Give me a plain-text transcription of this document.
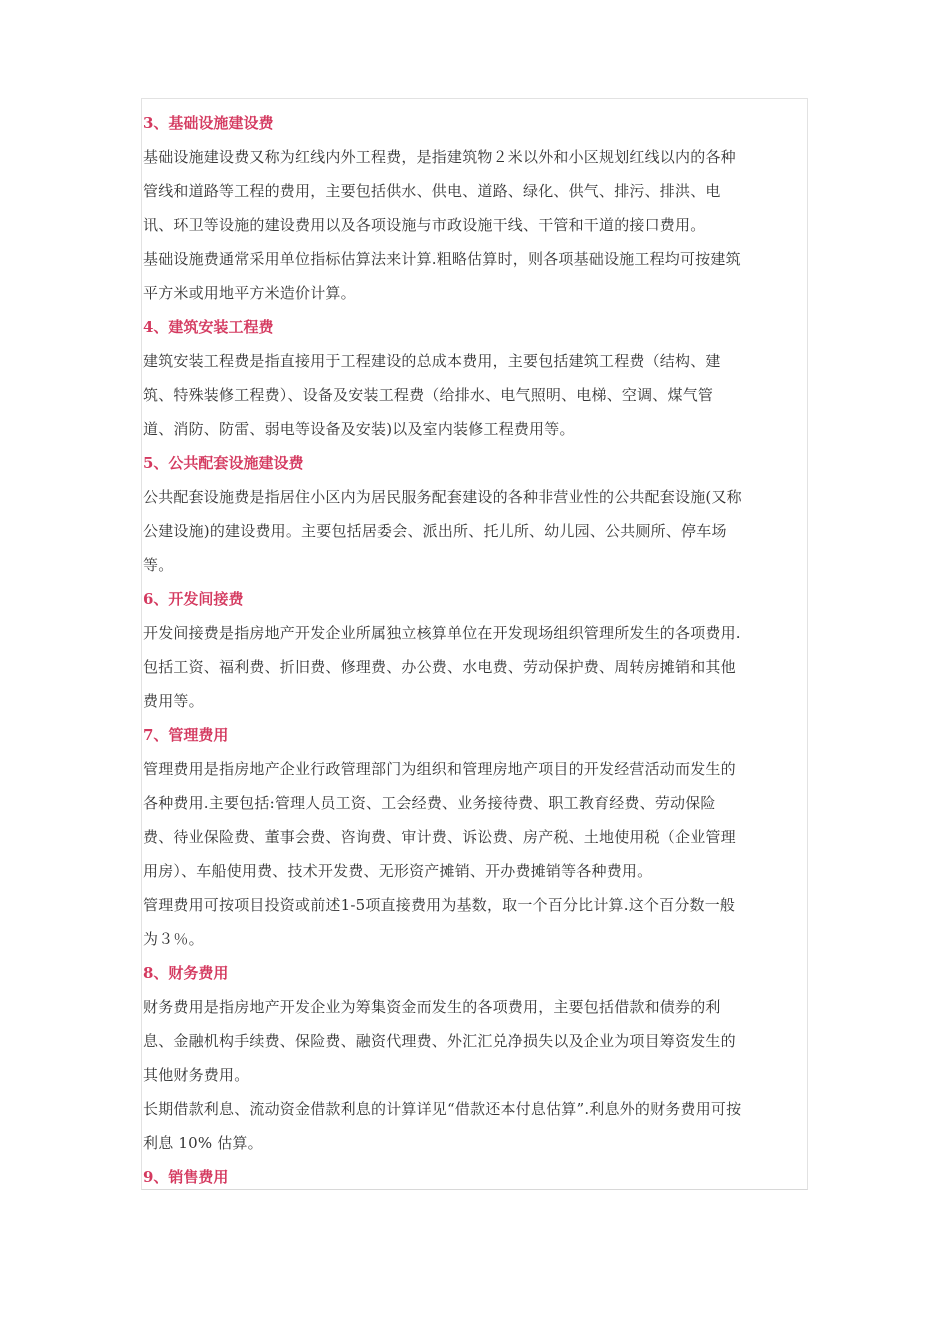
3、基础设施建设费
基础设施建设费又称为红线内外工程费，是指建筑物２米以外和小区规划红线以内的各种
管线和道路等工程的费用，主要包括供水、供电、道路、绿化、供气、排污、排洪、电
讯、环卫等设施的建设费用以及各项设施与市政设施干线、干管和干道的接口费用。
基础设施费通常采用单位指标估算法来计算.粗略估算时，则各项基础设施工程均可按建筑
平方米或用地平方米造价计算。
4、建筑安装工程费
建筑安装工程费是指直接用于工程建设的总成本费用，主要包括建筑工程费（结构、建
筑、特殊装修工程费）、设备及安装工程费（给排水、电气照明、电梯、空调、煤气管
道、消防、防雷、弱电等设备及安装)以及室内装修工程费用等。
5、公共配套设施建设费
公共配套设施费是指居住小区内为居民服务配套建设的各种非营业性的公共配套设施(又称
公建设施)的建设费用。主要包括居委会、派出所、托儿所、幼儿园、公共厕所、停车场
等。
6、开发间接费
开发间接费是指房地产开发企业所属独立核算单位在开发现场组织管理所发生的各项费用.
包括工资、福利费、折旧费、修理费、办公费、水电费、劳动保护费、周转房摊销和其他
费用等。
7、管理费用
管理费用是指房地产企业行政管理部门为组织和管理房地产项目的开发经营活动而发生的
各种费用.主要包括:管理人员工资、工会经费、业务接待费、职工教育经费、劳动保险
费、待业保险费、董事会费、咨询费、审计费、诉讼费、房产税、土地使用税（企业管理
用房）、车船使用费、技术开发费、无形资产摊销、开办费摊销等各种费用。
管理费用可按项目投资或前述1-5项直接费用为基数，取一个百分比计算.这个百分数一般
为３％。
8、财务费用
财务费用是指房地产开发企业为筹集资金而发生的各项费用，主要包括借款和债券的利
息、金融机构手续费、保险费、融资代理费、外汇汇兑净损失以及企业为项目筹资发生的
其他财务费用。
长期借款利息、流动资金借款利息的计算详见“借款还本付息估算”.利息外的财务费用可按
利息 10% 估算。
9、销售费用
